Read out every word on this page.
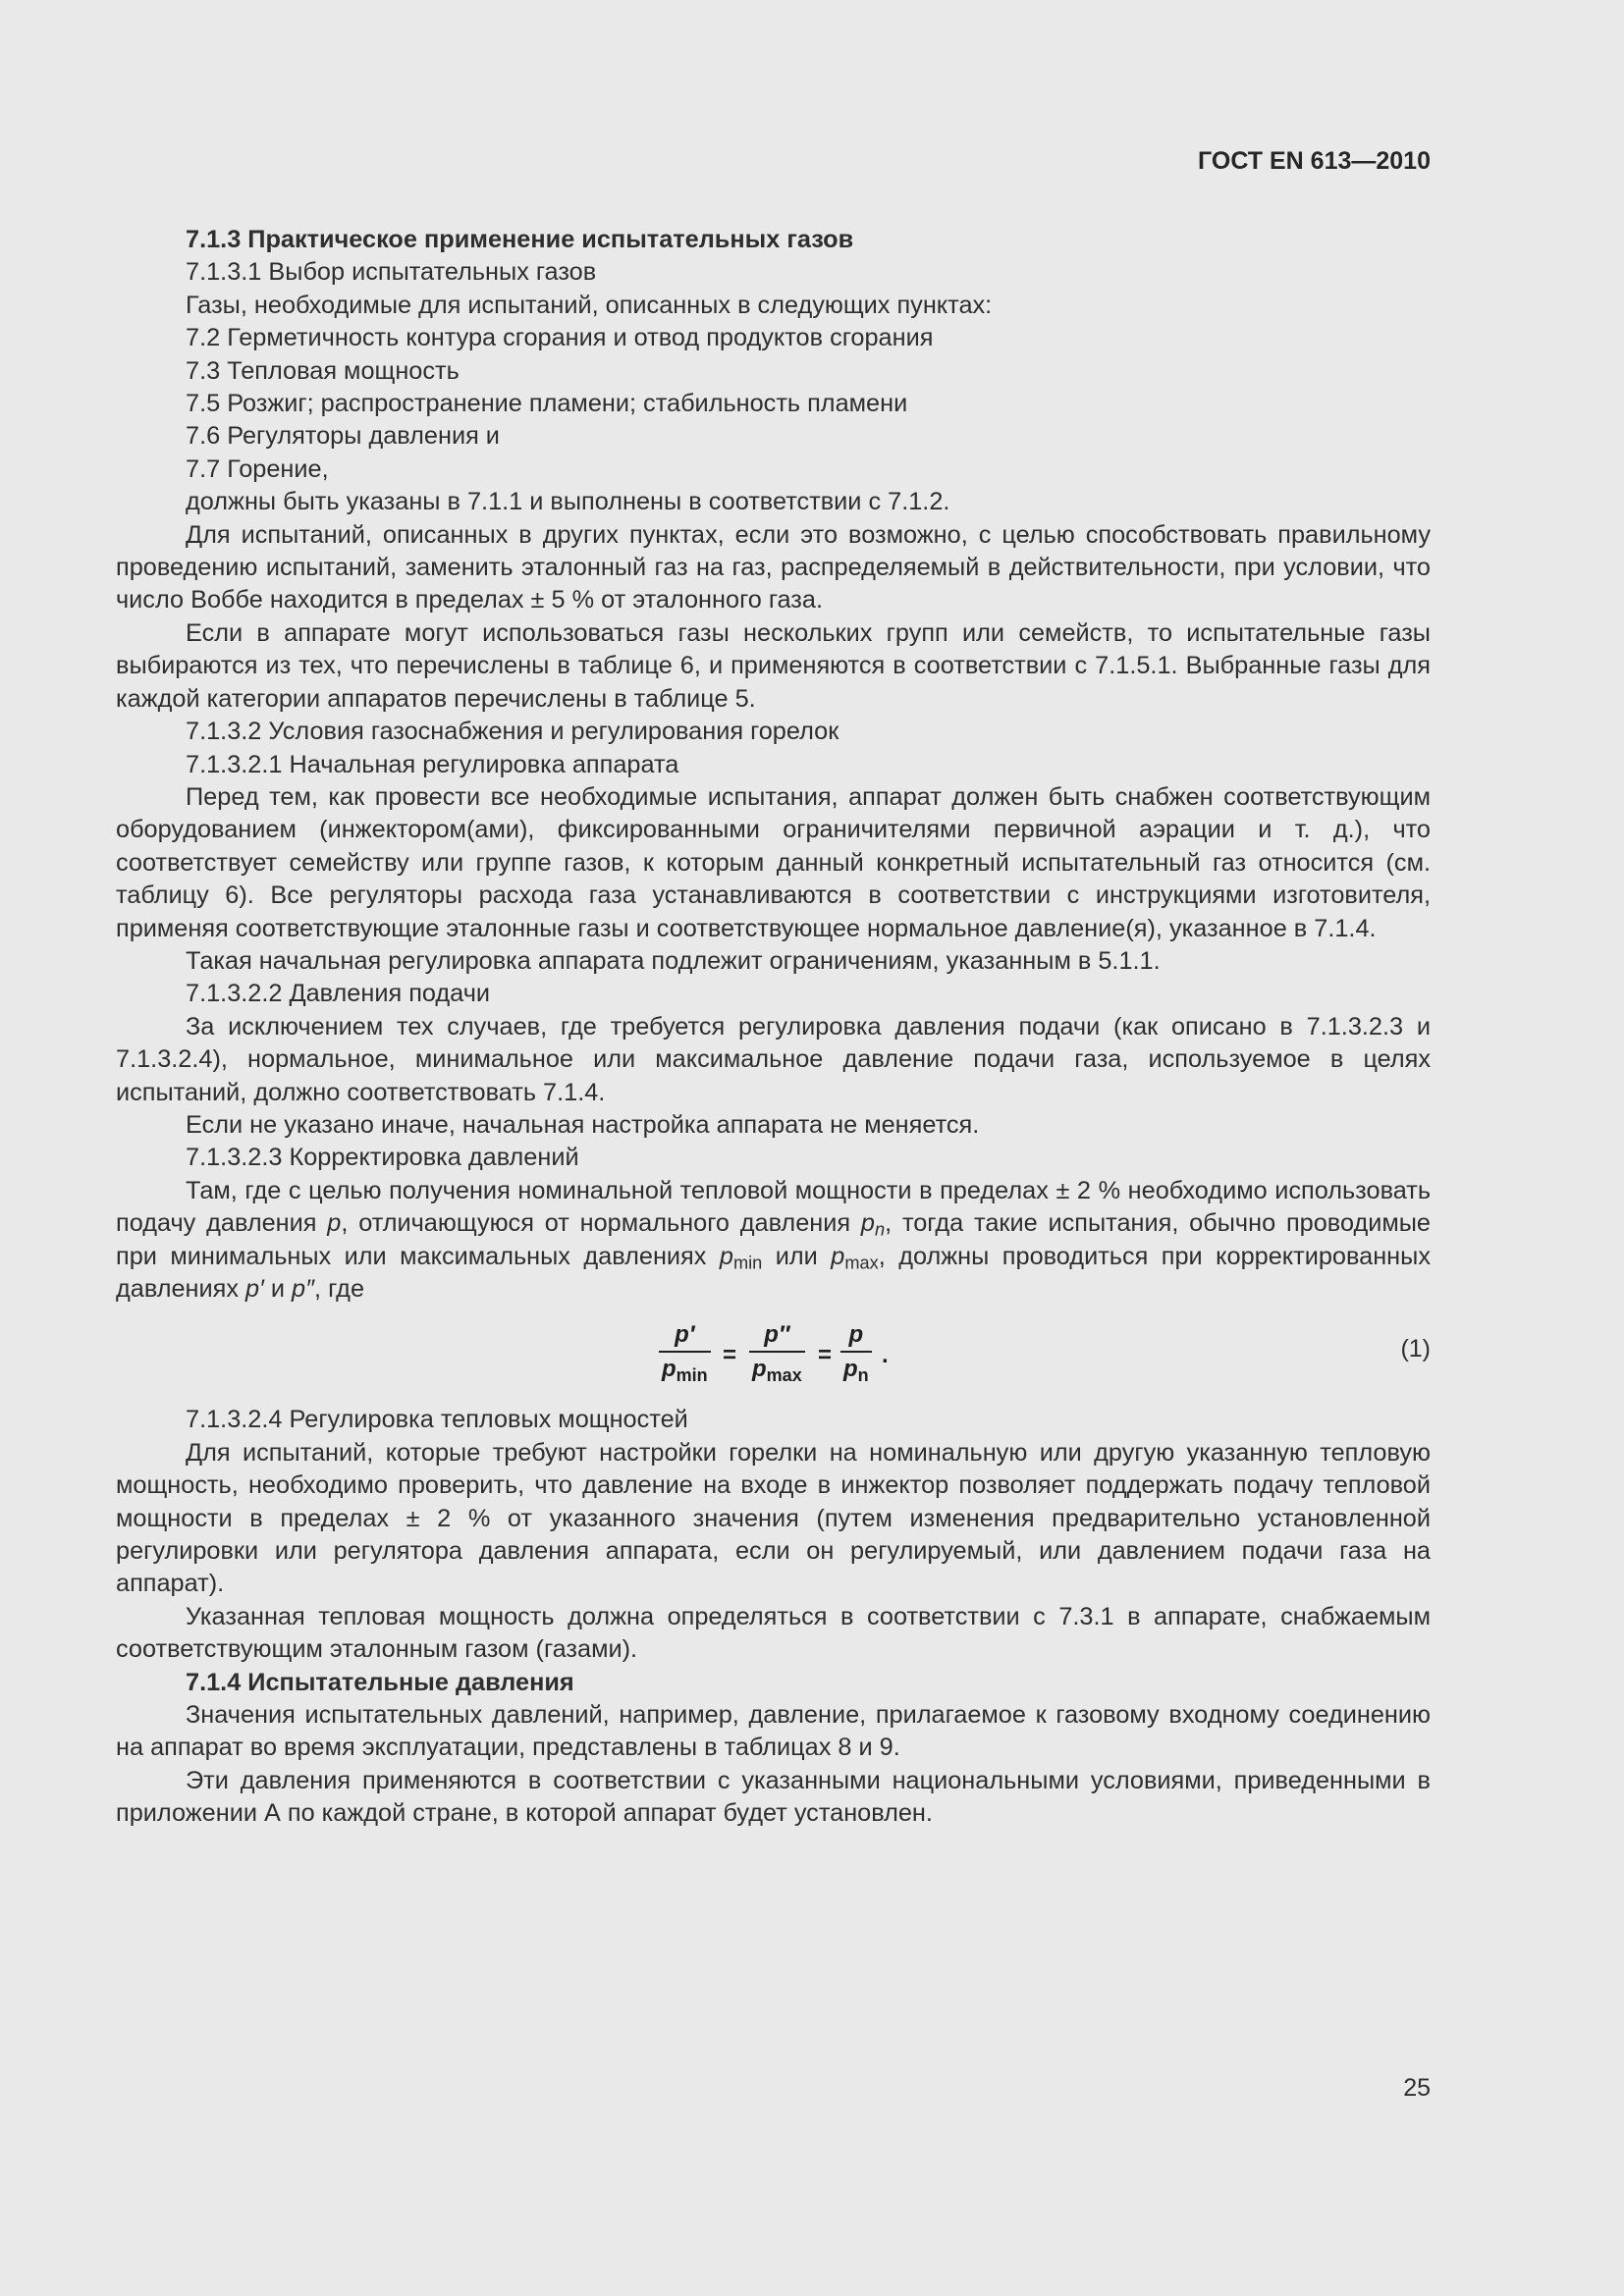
ГОСТ EN 613—2010

7.1.3 Практическое применение испытательных газов

7.1.3.1 Выбор испытательных газов

Газы, необходимые для испытаний, описанных в следующих пунктах:

7.2 Герметичность контура сгорания и отвод продуктов сгорания

7.3 Тепловая мощность

7.5 Розжиг; распространение пламени; стабильность пламени

7.6 Регуляторы давления и

7.7 Горение,

должны быть указаны в 7.1.1 и выполнены в соответствии с 7.1.2.

Для испытаний, описанных в других пунктах, если это возможно, с целью способствовать правильному проведению испытаний, заменить эталонный газ на газ, распределяемый в действительности, при условии, что число Воббе находится в пределах ± 5 % от эталонного газа.

Если в аппарате могут использоваться газы нескольких групп или семейств, то испытательные газы выбираются из тех, что перечислены в таблице 6, и применяются в соответствии с 7.1.5.1. Выбранные газы для каждой категории аппаратов перечислены в таблице 5.

7.1.3.2 Условия газоснабжения и регулирования горелок

7.1.3.2.1 Начальная регулировка аппарата

Перед тем, как провести все необходимые испытания, аппарат должен быть снабжен соответствующим оборудованием (инжектором(ами), фиксированными ограничителями первичной аэрации и т. д.), что соответствует семейству или группе газов, к которым данный конкретный испытательный газ относится (см. таблицу 6). Все регуляторы расхода газа устанавливаются в соответствии с инструкциями изготовителя, применяя соответствующие эталонные газы и соответствующее нормальное давление(я), указанное в 7.1.4.

Такая начальная регулировка аппарата подлежит ограничениям, указанным в 5.1.1.

7.1.3.2.2 Давления подачи

За исключением тех случаев, где требуется регулировка давления подачи (как описано в 7.1.3.2.3 и 7.1.3.2.4), нормальное, минимальное или максимальное давление подачи газа, используемое в целях испытаний, должно соответствовать 7.1.4.

Если не указано иначе, начальная настройка аппарата не меняется.

7.1.3.2.3 Корректировка давлений

Там, где с целью получения номинальной тепловой мощности в пределах ± 2 % необходимо использовать подачу давления p, отличающуюся от нормального давления $p_n$, тогда такие испытания, обычно проводимые при минимальных или максимальных давлениях $p_{min}$ или $p_{max}$, должны проводиться при корректированных давлениях p′ и p″, где

p′
$p_{min}$
=
p″
$p_{max}$
= $\frac{p}{p_n}$ .	(1)

7.1.3.2.4 Регулировка тепловых мощностей

Для испытаний, которые требуют настройки горелки на номинальную или другую указанную тепловую мощность, необходимо проверить, что давление на входе в инжектор позволяет поддержать подачу тепловой мощности в пределах ± 2 % от указанного значения (путем изменения предварительно установленной регулировки или регулятора давления аппарата, если он регулируемый, или давлением подачи газа на аппарат).

Указанная тепловая мощность должна определяться в соответствии с 7.3.1 в аппарате, снабжаемым соответствующим эталонным газом (газами).

7.1.4 Испытательные давления

Значения испытательных давлений, например, давление, прилагаемое к газовому входному соединению на аппарат во время эксплуатации, представлены в таблицах 8 и 9.

Эти давления применяются в соответствии с указанными национальными условиями, приведенными в приложении А по каждой стране, в которой аппарат будет установлен.

25
